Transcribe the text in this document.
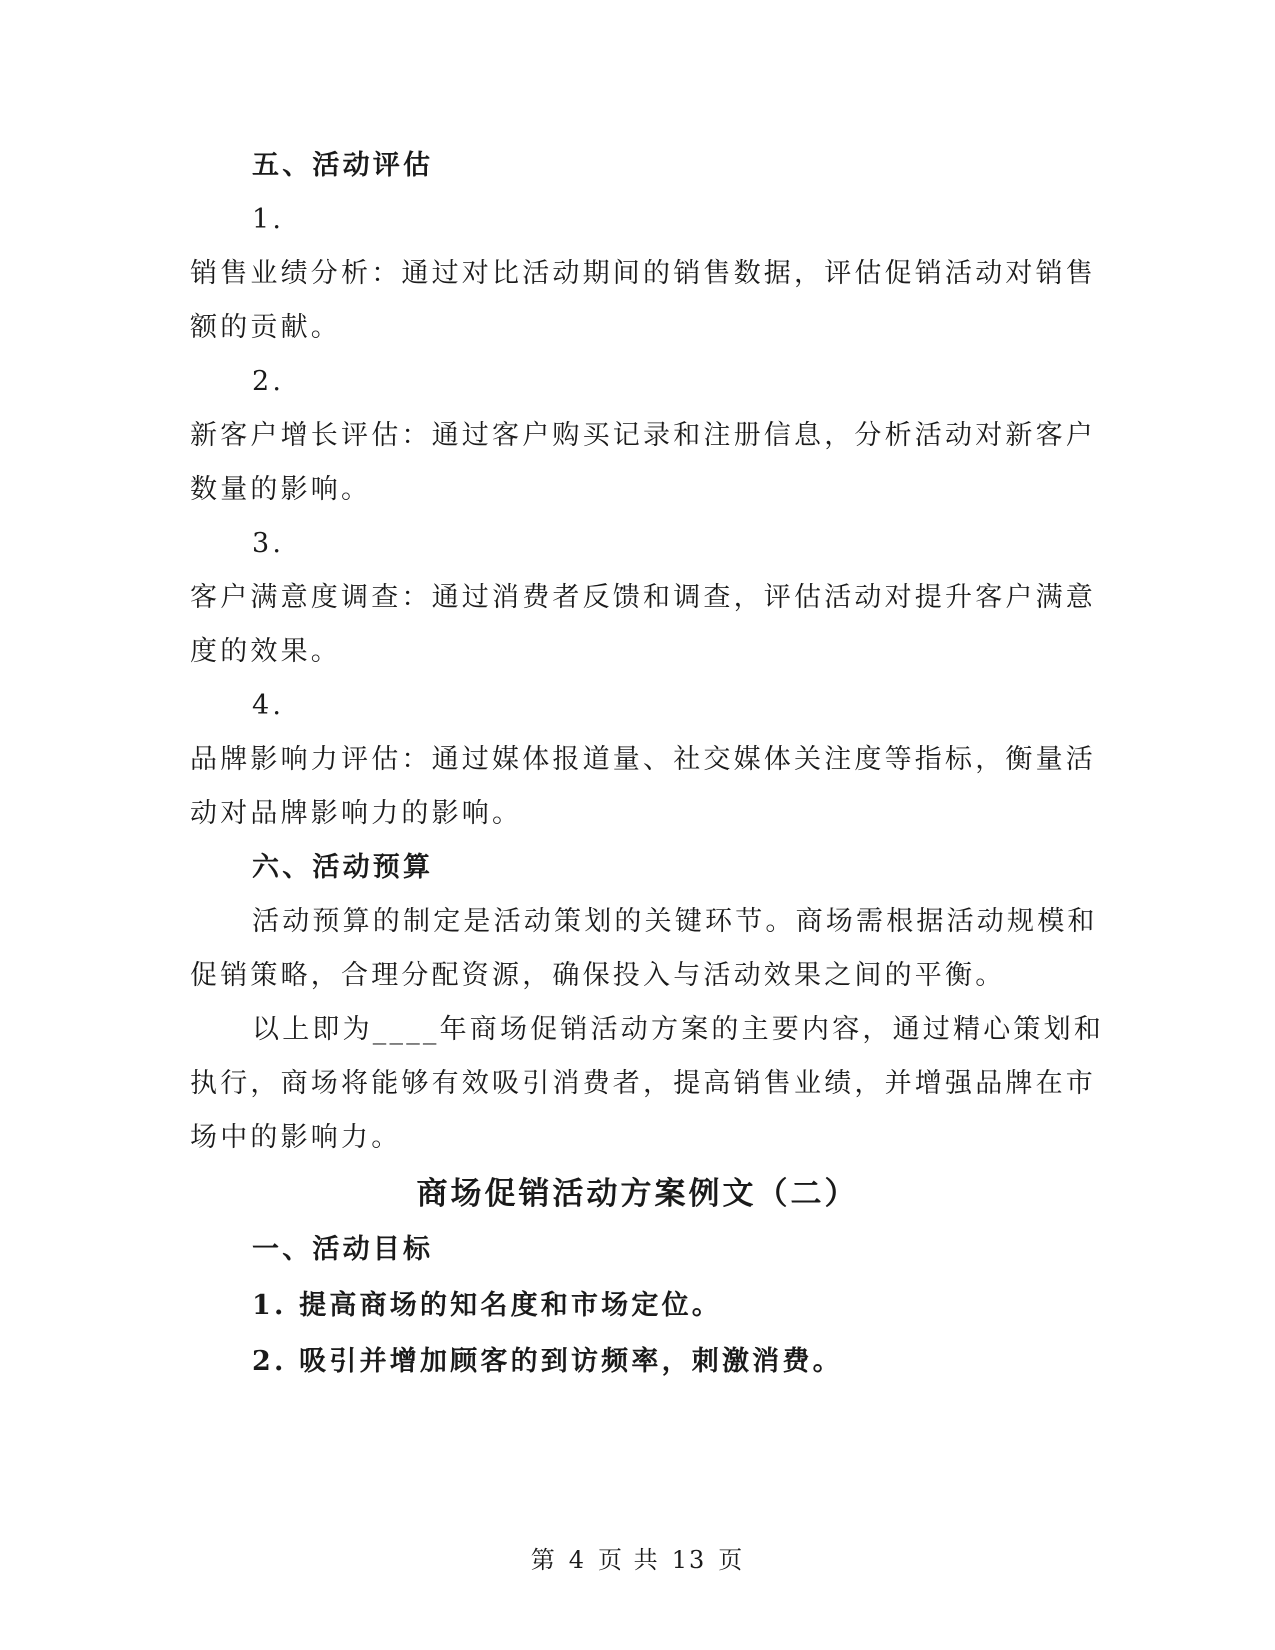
五、活动评估
1.
销售业绩分析：通过对比活动期间的销售数据，评估促销活动对销售
额的贡献。
2.
新客户增长评估：通过客户购买记录和注册信息，分析活动对新客户
数量的影响。
3.
客户满意度调查：通过消费者反馈和调查，评估活动对提升客户满意
度的效果。
4.
品牌影响力评估：通过媒体报道量、社交媒体关注度等指标，衡量活
动对品牌影响力的影响。
六、活动预算
活动预算的制定是活动策划的关键环节。商场需根据活动规模和
促销策略，合理分配资源，确保投入与活动效果之间的平衡。
以上即为____年商场促销活动方案的主要内容，通过精心策划和
执行，商场将能够有效吸引消费者，提高销售业绩，并增强品牌在市
场中的影响力。
商场促销活动方案例文（二）
一、活动目标
1. 提高商场的知名度和市场定位。
2. 吸引并增加顾客的到访频率，刺激消费。
第 4 页 共 13 页
